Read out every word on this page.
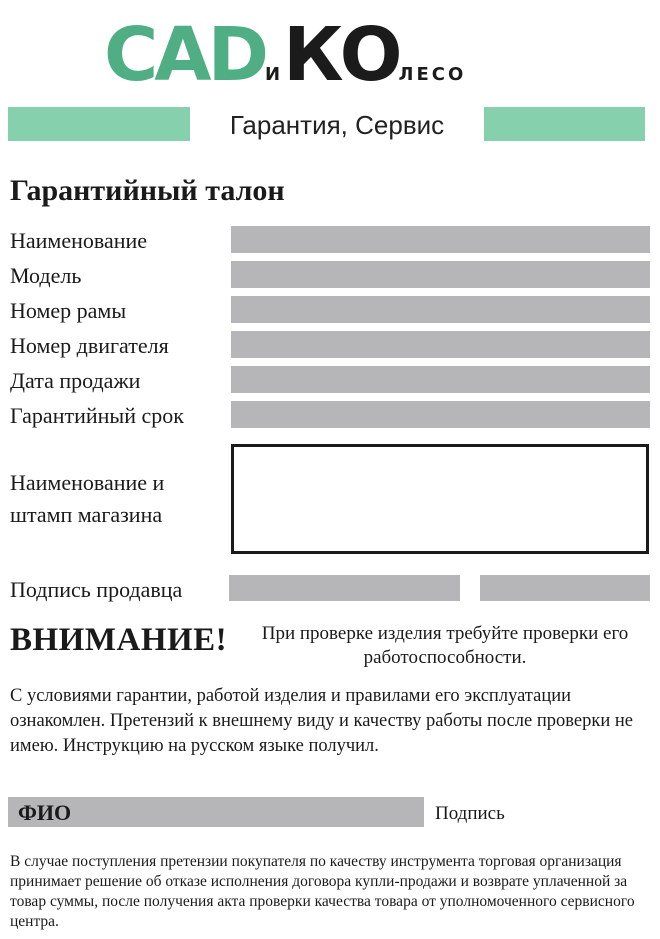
САDИКОЛЕСО
Гарантия, Сервис
Гарантийный талон
Наименование
Модель
Номер рамы
Номер двигателя
Дата продажи
Гарантийный срок
Наименование и
штамп магазина
Подпись продавца
ВНИМАНИЕ!	При проверке изделия требуйте проверки его работоспособности.
С условиями гарантии, работой изделия и правилами его эксплуатации ознакомлен. Претензий к внешнему виду и качеству работы после проверки не имею. Инструкцию на русском языке получил.
ФИО	Подпись
В случае поступления претензии покупателя по качеству инструмента торговая организация принимает решение об отказе исполнения договора купли-продажи и возврате уплаченной за товар суммы, после получения акта проверки качества товара от уполномоченного сервисного центра.
